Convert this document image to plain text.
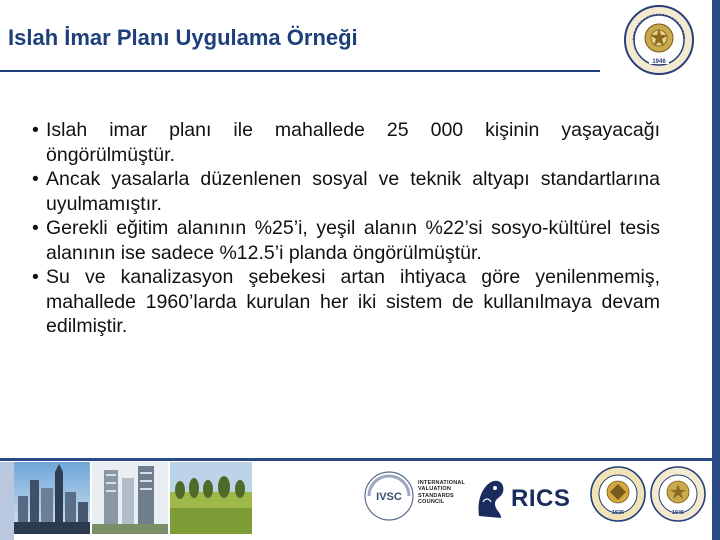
Islah İmar Planı Uygulama Örneği
1946
• Islah imar planı ile mahallede 25 000 kişinin yaşayacağı öngörülmüştür.
• Ancak yasalarla düzenlenen sosyal ve teknik altyapı standartlarına uyulmamıştır.
• Gerekli eğitim alanının %25’i, yeşil alanın %22’si sosyo-kültürel tesis alanının ise sadece %12.5’i planda öngörülmüştür.
• Su ve kanalizasyon şebekesi artan ihtiyaca göre yenilenmemiş, mahallede 1960’larda kurulan her iki sistem de kullanılmaya devam edilmiştir.
IVSC
INTERNATIONAL
VALUATION
STANDARDS
COUNCIL	RICS
1926	1946
